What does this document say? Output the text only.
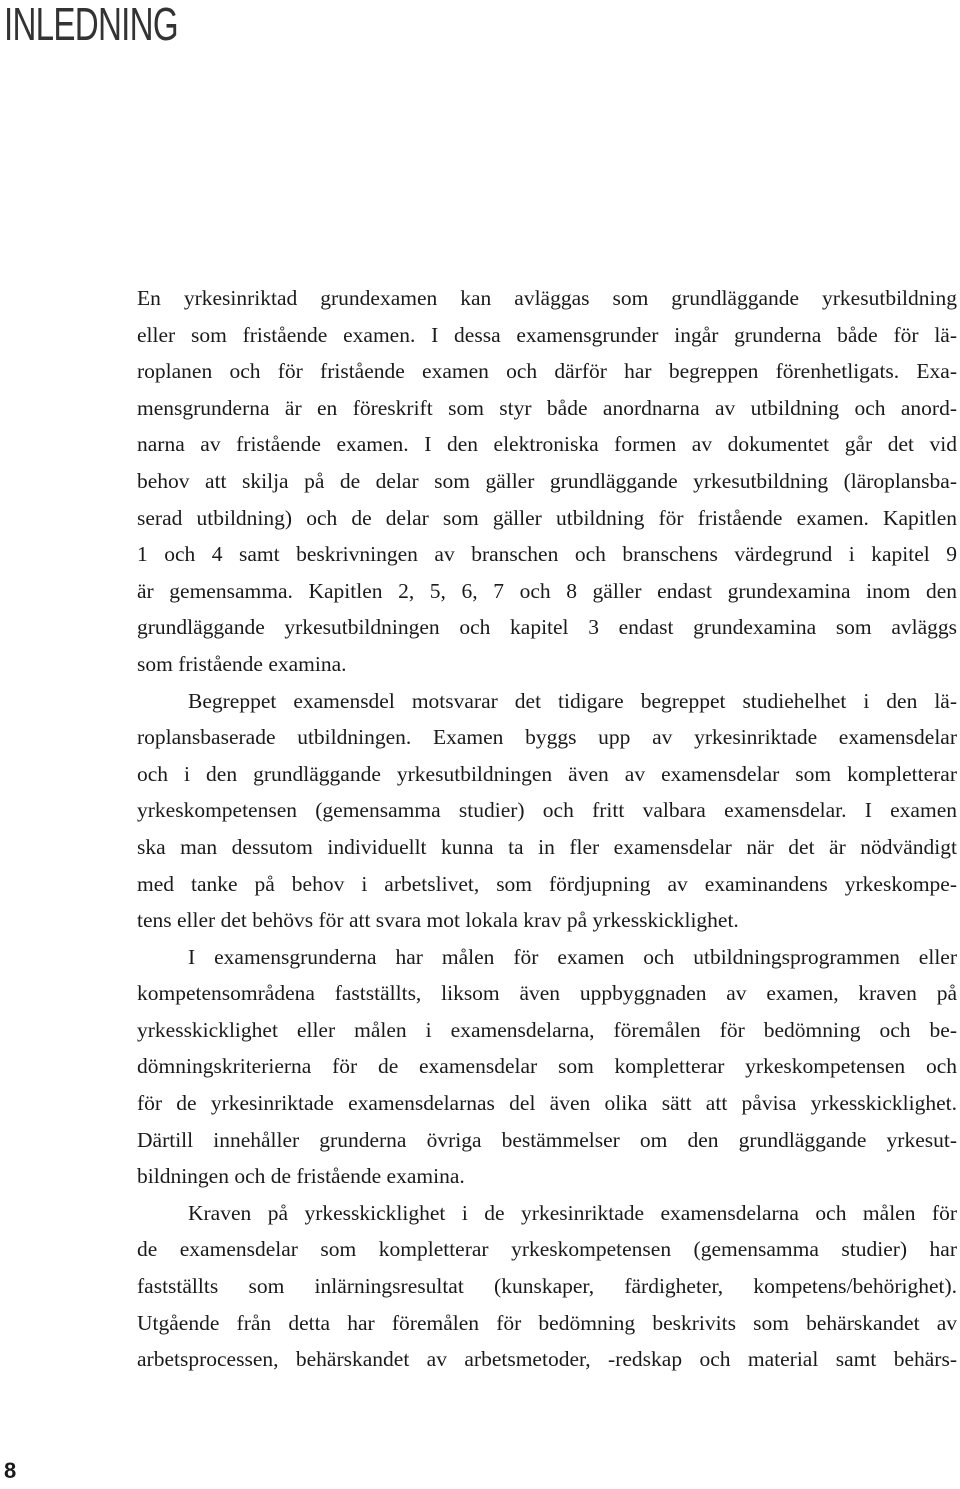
INLEDNING

En yrkesinriktad grundexamen kan avläggas som grundläggande yrkesutbildning
eller som fristående examen. I dessa examensgrunder ingår grunderna både för lä-
roplanen och för fristående examen och därför har begreppen förenhetligats. Exa-
mensgrunderna är en föreskrift som styr både anordnarna av utbildning och anord-
narna av fristående examen. I den elektroniska formen av dokumentet går det vid
behov att skilja på de delar som gäller grundläggande yrkesutbildning (läroplansba-
serad utbildning) och de delar som gäller utbildning för fristående examen. Kapitlen
1 och 4 samt beskrivningen av branschen och branschens värdegrund i kapitel 9
är gemensamma. Kapitlen 2, 5, 6, 7 och 8 gäller endast grundexamina inom den
grundläggande yrkesutbildningen och kapitel 3 endast grundexamina som avläggs
som fristående examina.

Begreppet examensdel motsvarar det tidigare begreppet studiehelhet i den lä-
roplansbaserade utbildningen. Examen byggs upp av yrkesinriktade examensdelar
och i den grundläggande yrkesutbildningen även av examensdelar som kompletterar
yrkeskompetensen (gemensamma studier) och fritt valbara examensdelar. I examen
ska man dessutom individuellt kunna ta in fler examensdelar när det är nödvändigt
med tanke på behov i arbetslivet, som fördjupning av examinandens yrkeskompe-
tens eller det behövs för att svara mot lokala krav på yrkesskicklighet.

I examensgrunderna har målen för examen och utbildningsprogrammen eller
kompetensområdena fastställts, liksom även uppbyggnaden av examen, kraven på
yrkesskicklighet eller målen i examensdelarna, föremålen för bedömning och be-
dömningskriterierna för de examensdelar som kompletterar yrkeskompetensen och
för de yrkesinriktade examensdelarnas del även olika sätt att påvisa yrkesskicklighet.
Därtill innehåller grunderna övriga bestämmelser om den grundläggande yrkesut-
bildningen och de fristående examina.

Kraven på yrkesskicklighet i de yrkesinriktade examensdelarna och målen för
de examensdelar som kompletterar yrkeskompetensen (gemensamma studier) har
fastställts som inlärningsresultat (kunskaper, färdigheter, kompetens/behörighet).
Utgående från detta har föremålen för bedömning beskrivits som behärskandet av
arbetsprocessen, behärskandet av arbetsmetoder, -redskap och material samt behärs-

8
